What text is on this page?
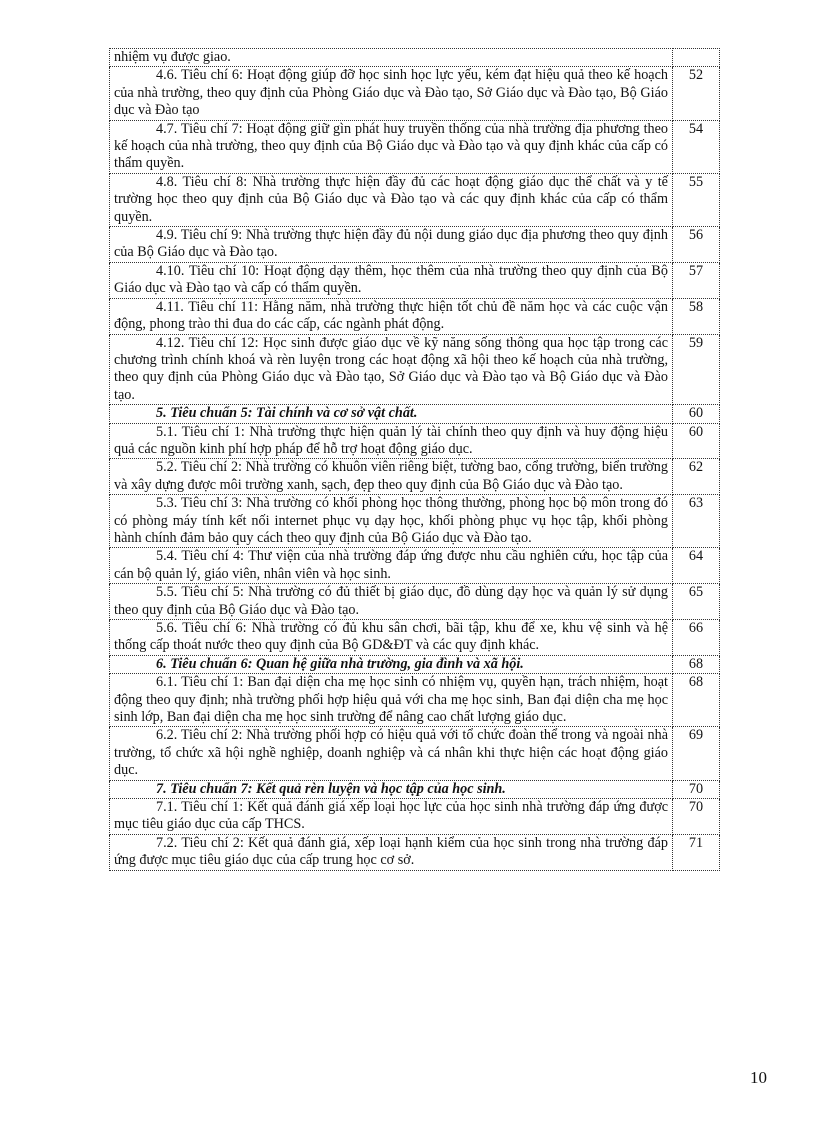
nhiệm vụ được giao.	
4.6. Tiêu chí 6: Hoạt động giúp đỡ học sinh học lực yếu, kém đạt hiệu quả theo kế hoạch của nhà trường, theo quy định của Phòng Giáo dục và Đào tạo, Sở Giáo dục và Đào tạo, Bộ Giáo dục và Đào tạo	52
4.7. Tiêu chí 7: Hoạt động giữ gìn phát huy truyền thống của nhà trường địa phương theo kế hoạch của nhà trường, theo quy định của Bộ Giáo dục và Đào tạo và quy định khác của cấp có thẩm quyền.	54
4.8. Tiêu chí 8: Nhà trường thực hiện đầy đủ các hoạt động giáo dục thể chất và y tế trường học theo quy định của Bộ Giáo dục và Đào tạo và các quy định khác của cấp có thẩm quyền.	55
4.9. Tiêu chí 9: Nhà trường thực hiện đầy đủ nội dung giáo dục địa phương theo quy định của Bộ Giáo dục và Đào tạo.	56
4.10. Tiêu chí 10: Hoạt động dạy thêm, học thêm của nhà trường theo quy định của Bộ Giáo dục và Đào tạo và cấp có thẩm quyền.	57
4.11. Tiêu chí 11: Hằng năm, nhà trường thực hiện tốt chủ đề năm học và các cuộc vận động, phong trào thi đua do các cấp, các ngành phát động.	58
4.12. Tiêu chí 12: Học sinh được giáo dục về kỹ năng sống thông qua học tập trong các chương trình chính khoá và rèn luyện trong các hoạt động xã hội theo kế hoạch của nhà trường, theo quy định của Phòng Giáo dục và Đào tạo, Sở Giáo dục và Đào tạo và Bộ Giáo dục và Đào tạo.	59
5. Tiêu chuẩn 5: Tài chính và cơ sở vật chất.	60
5.1. Tiêu chí 1: Nhà trường thực hiện quản lý tài chính theo quy định và huy động hiệu quả các nguồn kinh phí hợp pháp để hỗ trợ hoạt động giáo dục.	60
5.2. Tiêu chí 2: Nhà trường có khuôn viên riêng biệt, tường bao, cổng trường, biển trường và xây dựng được môi trường xanh, sạch, đẹp theo quy định của Bộ Giáo dục và Đào tạo.	62
5.3. Tiêu chí 3: Nhà trường có khối phòng học thông thường, phòng học bộ môn trong đó có phòng máy tính kết nối internet phục vụ dạy học, khối phòng phục vụ học tập, khối phòng hành chính đảm bảo quy cách theo quy định của Bộ Giáo dục và Đào tạo.	63
5.4. Tiêu chí 4: Thư viện của nhà trường đáp ứng được nhu cầu nghiên cứu, học tập của cán bộ quản lý, giáo viên, nhân viên và học sinh.	64
5.5. Tiêu chí 5: Nhà trường có đủ thiết bị giáo dục, đồ dùng dạy học và quản lý sử dụng theo quy định của Bộ Giáo dục và Đào tạo.	65
5.6. Tiêu chí 6: Nhà trường có đủ khu sân chơi, bãi tập, khu để xe, khu vệ sinh và hệ thống cấp thoát nước theo quy định của Bộ GD&ĐT và các quy định khác.	66
6. Tiêu chuẩn 6: Quan hệ giữa nhà trường, gia đình và xã hội.	68
6.1. Tiêu chí 1: Ban đại diện cha mẹ học sinh có nhiệm vụ, quyền hạn, trách nhiệm, hoạt động theo quy định; nhà trường phối hợp hiệu quả với cha mẹ học sinh, Ban đại diện cha mẹ học sinh lớp, Ban đại diện cha mẹ học sinh trường để nâng cao chất lượng giáo dục.	68
6.2. Tiêu chí 2: Nhà trường phối hợp có hiệu quả với tổ chức đoàn thể trong và ngoài nhà trường, tổ chức xã hội nghề nghiệp, doanh nghiệp và cá nhân khi thực hiện các hoạt động giáo dục.	69
7. Tiêu chuẩn 7: Kết quả rèn luyện và học tập của học sinh.	70
7.1. Tiêu chí 1: Kết quả đánh giá xếp loại học lực của học sinh nhà trường đáp ứng được mục tiêu giáo dục của cấp THCS.	70
7.2. Tiêu chí 2: Kết quả đánh giá, xếp loại hạnh kiểm của học sinh trong nhà trường đáp ứng được mục tiêu giáo dục của cấp trung học cơ sở.	71
10
